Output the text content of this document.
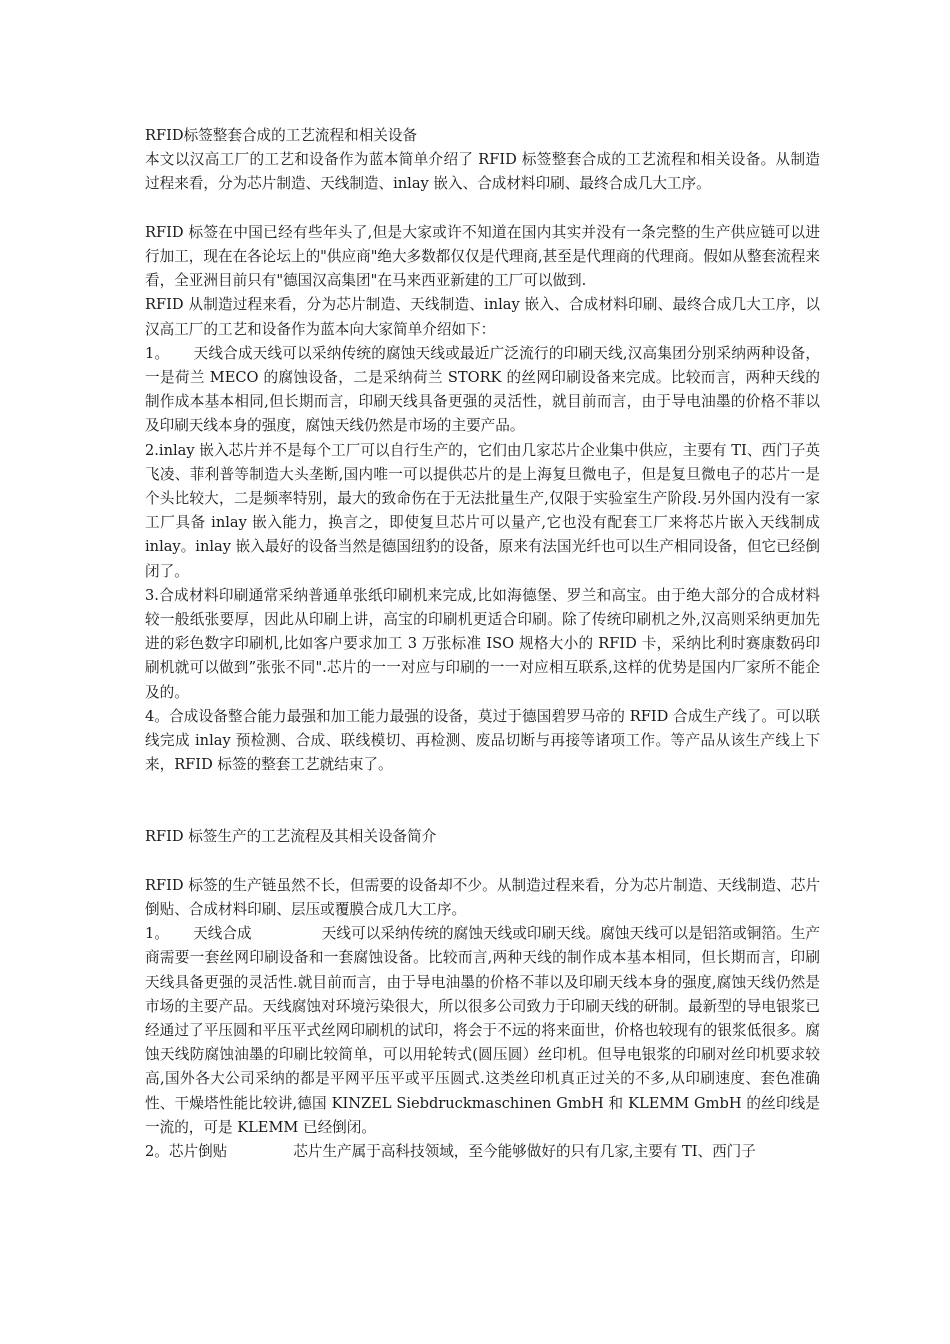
RFID标签整套合成的工艺流程和相关设备

本文以汉高工厂的工艺和设备作为蓝本简单介绍了 RFID 标签整套合成的工艺流程和相关设备。从制造过程来看，分为芯片制造、天线制造、inlay 嵌入、合成材料印刷、最终合成几大工序。

RFID 标签在中国已经有些年头了,但是大家或许不知道在国内其实并没有一条完整的生产供应链可以进行加工，现在在各论坛上的"供应商"绝大多数都仅仅是代理商,甚至是代理商的代理商。假如从整套流程来看，全亚洲目前只有"德国汉高集团"在马来西亚新建的工厂可以做到.

RFID 从制造过程来看，分为芯片制造、天线制造、inlay 嵌入、合成材料印刷、最终合成几大工序，以汉高工厂的工艺和设备作为蓝本向大家简单介绍如下：

1。 天线合成天线可以采纳传统的腐蚀天线或最近广泛流行的印刷天线,汉高集团分别采纳两种设备，一是荷兰 MECO 的腐蚀设备，二是采纳荷兰 STORK 的丝网印刷设备来完成。比较而言，两种天线的制作成本基本相同,但长期而言，印刷天线具备更强的灵活性，就目前而言，由于导电油墨的价格不菲以及印刷天线本身的强度，腐蚀天线仍然是市场的主要产品。

2.inlay 嵌入芯片并不是每个工厂可以自行生产的，它们由几家芯片企业集中供应，主要有 TI、西门子英飞凌、菲利普等制造大头垄断,国内唯一可以提供芯片的是上海复旦微电子，但是复旦微电子的芯片一是个头比较大，二是频率特别，最大的致命伤在于无法批量生产,仅限于实验室生产阶段.另外国内没有一家工厂具备 inlay 嵌入能力，换言之，即使复旦芯片可以量产,它也没有配套工厂来将芯片嵌入天线制成 inlay。inlay 嵌入最好的设备当然是德国纽豹的设备，原来有法国光纤也可以生产相同设备，但它已经倒闭了。

3.合成材料印刷通常采纳普通单张纸印刷机来完成,比如海德堡、罗兰和高宝。由于绝大部分的合成材料较一般纸张要厚，因此从印刷上讲，高宝的印刷机更适合印刷。除了传统印刷机之外,汉高则采纳更加先进的彩色数字印刷机,比如客户要求加工 3 万张标准 ISO 规格大小的 RFID 卡，采纳比利时赛康数码印刷机就可以做到”张张不同".芯片的一一对应与印刷的一一对应相互联系,这样的优势是国内厂家所不能企及的。

4。合成设备整合能力最强和加工能力最强的设备，莫过于德国碧罗马帝的 RFID 合成生产线了。可以联线完成 inlay 预检测、合成、联线模切、再检测、废品切断与再接等诸项工作。等产品从该生产线上下来，RFID 标签的整套工艺就结束了。

RFID 标签生产的工艺流程及其相关设备简介

RFID 标签的生产链虽然不长，但需要的设备却不少。从制造过程来看，分为芯片制造、天线制造、芯片倒贴、合成材料印刷、层压或覆膜合成几大工序。

1。 天线合成	天线可以采纳传统的腐蚀天线或印刷天线。腐蚀天线可以是铝箔或铜箔。生产商需要一套丝网印刷设备和一套腐蚀设备。比较而言,两种天线的制作成本基本相同，但长期而言，印刷天线具备更强的灵活性.就目前而言，由于导电油墨的价格不菲以及印刷天线本身的强度,腐蚀天线仍然是市场的主要产品。天线腐蚀对环境污染很大，所以很多公司致力于印刷天线的研制。最新型的导电银浆已经通过了平压圆和平压平式丝网印刷机的试印，将会于不远的将来面世，价格也较现有的银浆低很多。腐蚀天线防腐蚀油墨的印刷比较简单，可以用轮转式(圆压圆）丝印机。但导电银浆的印刷对丝印机要求较高,国外各大公司采纳的都是平网平压平或平压圆式.这类丝印机真正过关的不多,从印刷速度、套色准确性、干燥塔性能比较讲,德国 KINZEL Siebdruckmaschinen GmbH 和 KLEMM GmbH 的丝印线是一流的，可是 KLEMM 已经倒闭。

2。芯片倒贴	芯片生产属于高科技领域，至今能够做好的只有几家,主要有 TI、西门子
